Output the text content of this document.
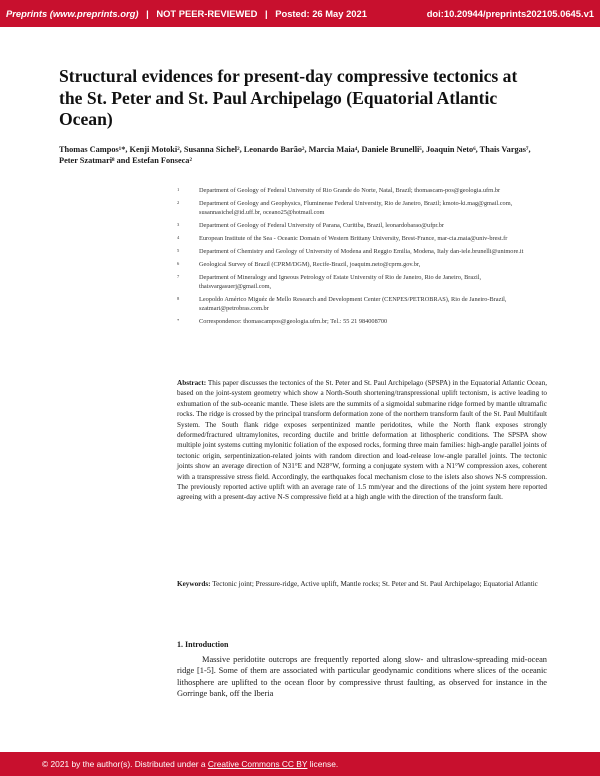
Preprints (www.preprints.org) | NOT PEER-REVIEWED | Posted: 26 May 2021	doi:10.20944/preprints202105.0645.v1
Structural evidences for present-day compressive tectonics at the St. Peter and St. Paul Archipelago (Equatorial Atlantic Ocean)
Thomas Campos¹*, Kenji Motoki², Susanna Sichel², Leonardo Barão², Marcia Maia⁴, Daniele Brunelli⁵, Joaquin Neto⁶, Thais Vargas⁷, Peter Szatmari⁸ and Estefan Fonseca²
1	Department of Geology of Federal University of Rio Grande do Norte, Natal, Brazil; thomascam-pos@geologia.ufrn.br
2	Department of Geology and Geophysics, Fluminense Federal University, Rio de Janeiro, Brazil; kmoto-ki.mag@gmail.com, susannasichel@id.uff.br, oceano25@hotmail.com
3	Department of Geology of Federal University of Parana, Curitiba, Brazil, leonardobarao@ufpr.br
4	European Institute of the Sea - Oceanic Domain of Western Brittany University, Brest-France, mar-cia.maia@univ-brest.fr
5	Department of Chemistry and Geology of University of Modena and Reggio Emilia, Modena, Italy dan-iele.brunelli@unimore.it
6	Geological Survey of Brazil (CPRM/DGM), Recife-Brazil, joaquim.neto@cprm.gov.br,
7	Department of Mineralogy and Igneous Petrology of Estate University of Rio de Janeiro, Rio de Janeiro, Brazil, thaisvargasuerj@gmail.com,
8	Leopoldo Américo Miguéz de Mello Research and Development Center (CENPES/PETROBRAS), Rio de Janeiro-Brazil, szatmari@petrobras.com.br
*	Correspondence: thomascampos@geologia.ufrn.br; Tel.: 55 21 984008700
Abstract: This paper discusses the tectonics of the St. Peter and St. Paul Archipelago (SPSPA) in the Equatorial Atlantic Ocean, based on the joint-system geometry which show a North-South shortening/transpressional uplift tectonism, is active leading to exhumation of the sub-oceanic mantle. These islets are the summits of a sigmoidal submarine ridge formed by mantle ultramafic rocks. The ridge is crossed by the principal transform deformation zone of the northern transform fault of the St. Paul Multifault System. The South flank ridge exposes serpentinized mantle peridotites, while the North flank exposes strongly deformed/fractured ultramylonites, recording ductile and brittle deformation at lithospheric conditions. The SPSPA show multiple joint systems cutting mylonitic foliation of the exposed rocks, forming three main families: high-angle parallel joints of tectonic origin, serpentinization-related joints with random direction and load-release low-angle parallel joints. The tectonic joints show an average direction of N31°E and N28°W, forming a conjugate system with a N1°W compression axes, coherent with a transpressive stress field. Accordingly, the earthquakes focal mechanism close to the islets also shows N-S compression. The previously reported active uplift with an average rate of 1.5 mm/year and the directions of the joint system here reported agreeing with a present-day active N-S compressive field at a high angle with the direction of the transform fault.
Keywords: Tectonic joint; Pressure-ridge, Active uplift, Mantle rocks; St. Peter and St. Paul Archipelago; Equatorial Atlantic
1. Introduction
Massive peridotite outcrops are frequently reported along slow- and ultraslow-spreading mid-ocean ridge [1-5]. Some of them are associated with particular geodynamic conditions where slices of the oceanic lithosphere are uplifted to the ocean floor by compressive thrust faulting, as observed for instance in the Gorringe bank, off the Iberia
© 2021 by the author(s). Distributed under a
Creative Commons CC BY
license.
